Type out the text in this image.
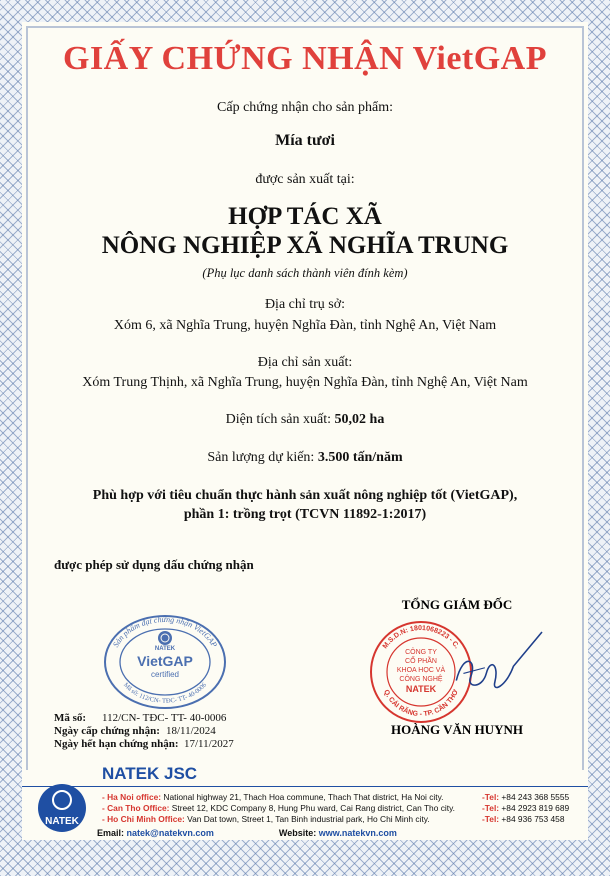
GIẤY CHỨNG NHẬN VietGAP
Cấp chứng nhận cho sản phẩm:
Mía tươi
được sản xuất tại:
HỢP TÁC XÃ
NÔNG NGHIỆP XÃ NGHĨA TRUNG
(Phụ lục danh sách thành viên đính kèm)
Địa chỉ trụ sở:
Xóm 6, xã Nghĩa Trung, huyện Nghĩa Đàn, tỉnh Nghệ An, Việt Nam
Địa chỉ sản xuất:
Xóm Trung Thịnh, xã Nghĩa Trung, huyện Nghĩa Đàn, tỉnh Nghệ An, Việt Nam
Diện tích sản xuất: 50,02 ha
Sản lượng dự kiến: 3.500 tấn/năm
Phù hợp với tiêu chuẩn thực hành sản xuất nông nghiệp tốt (VietGAP),
phần 1: trồng trọt (TCVN 11892-1:2017)
được phép sử dụng dấu chứng nhận
Sản phẩm đạt chứng nhận VietGAP
NATEK
VietGAP
certified
Mã số: 112/CN- TĐC- TT- 40-0006
Mã số: 112/CN- TĐC- TT- 40-0006
Ngày cấp chứng nhận: 18/11/2024
Ngày hết hạn chứng nhận: 17/11/2027
TỔNG GIÁM ĐỐC
M.S.D.N: 1801068223 - C.
Q. CÁI RĂNG - TP. CẦN THƠ
CÔNG TY
CỔ PHẦN
KHOA HỌC VÀ
CÔNG NGHỆ
NATEK
HOÀNG VĂN HUYNH
NATEK
NATEK JSC
- Ha Noi office: National highway 21, Thach Hoa commune, Thach That district, Ha Noi city.
- Can Tho Office: Street 12, KDC Company 8, Hung Phu ward, Cai Rang district, Can Tho city.
- Ho Chi Minh Office: Van Dat town, Street 1, Tan Binh industrial park, Ho Chi Minh city.
-Tel: +84 243 368 5555
-Tel: +84 2923 819 689
-Tel: +84 936 753 458
Email: natek@natekvn.com	Website: www.natekvn.com
